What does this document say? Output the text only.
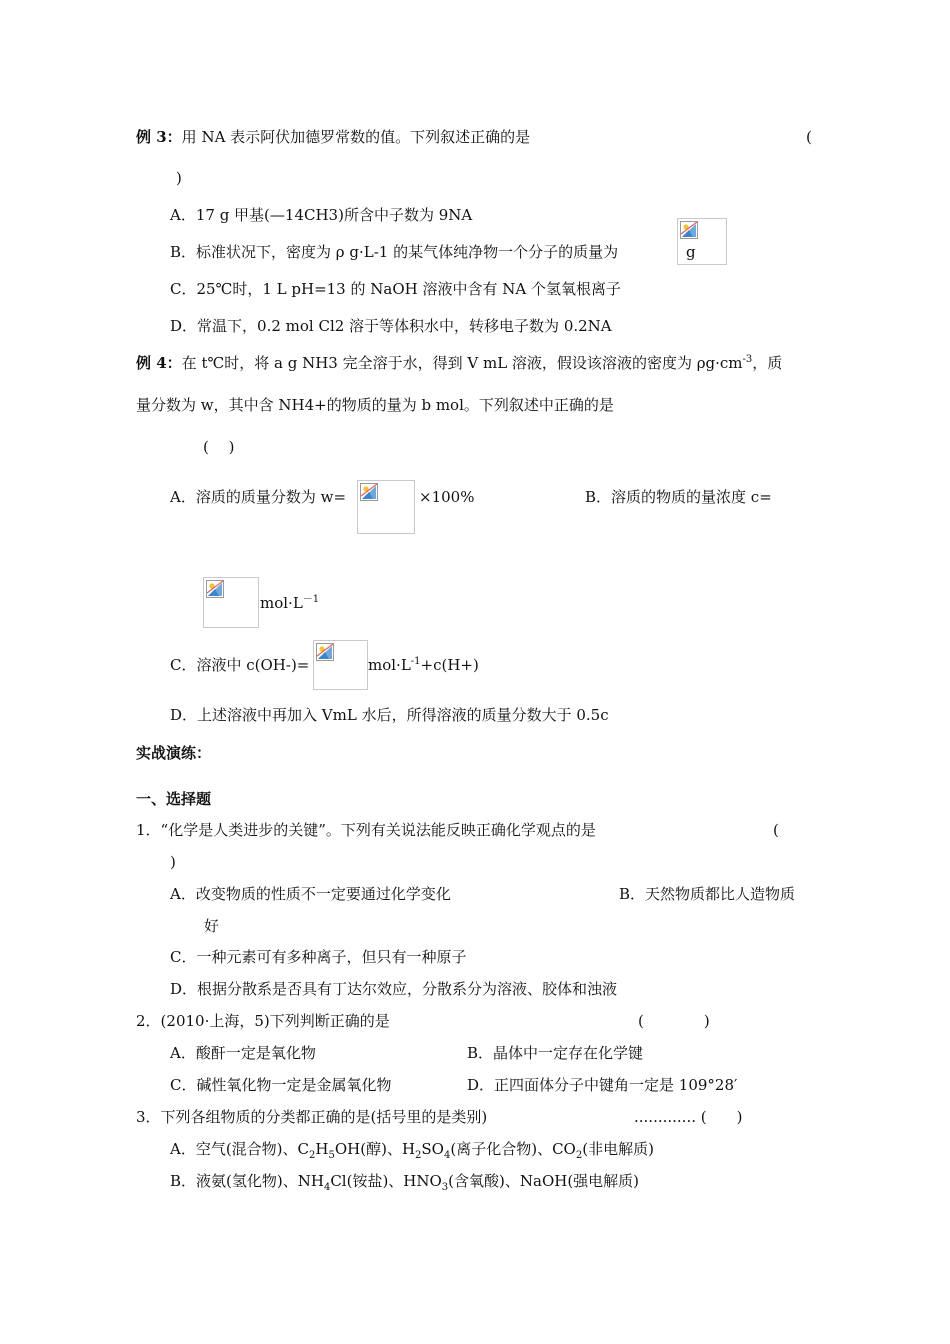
例 3：用 NA 表示阿伏加德罗常数的值。下列叙述正确的是	(
)
A．17 g 甲基(—14CH3)所含中子数为 9NA
B．标准状况下，密度为 ρ g·L-1 的某气体纯净物一个分子的质量为	g
C．25℃时，1 L pH=13 的 NaOH 溶液中含有 NA 个氢氧根离子
D．常温下，0.2 mol Cl2 溶于等体积水中，转移电子数为 0.2NA
例 4：在 t℃时，将 a g NH3 完全溶于水，得到 V mL 溶液，假设该溶液的密度为 $\rho g\cdot cm^{-3}$，质
量分数为 w，其中含 NH4+的物质的量为 b mol。下列叙述中正确的是
(　 )
A．溶质的质量分数为 w=	×100%	B．溶质的物质的量浓度 c=
$mol\cdot L^{-1}$
C．溶液中 c(OH-)=	$mol\cdot L^{-1}+c(H+)$
D．上述溶液中再加入 VmL 水后，所得溶液的质量分数大于 0.5c
实战演练：
一、选择题
1．“化学是人类进步的关键”。下列有关说法能反映正确化学观点的是	(
)
A．改变物质的性质不一定要通过化学变化	B．天然物质都比人造物质
好
C．一种元素可有多种离子，但只有一种原子
D．根据分散系是否具有丁达尔效应，分散系分为溶液、胶体和浊液
2．(2010·上海，5)下列判断正确的是	(　　　　)
A．酸酐一定是氧化物	B．晶体中一定存在化学键
C．碱性氧化物一定是金属氧化物	D．正四面体分子中键角一定是 109°28′
3．下列各组物质的分类都正确的是(括号里的是类别)	............. (　　)
A．空气(混合物)、$C_2H_5OH$(醇)、$H_2SO_4$(离子化合物)、$CO_2$(非电解质)
B．液氨(氢化物)、$NH_4Cl$(铵盐)、$HNO_3$(含氧酸)、NaOH(强电解质)
